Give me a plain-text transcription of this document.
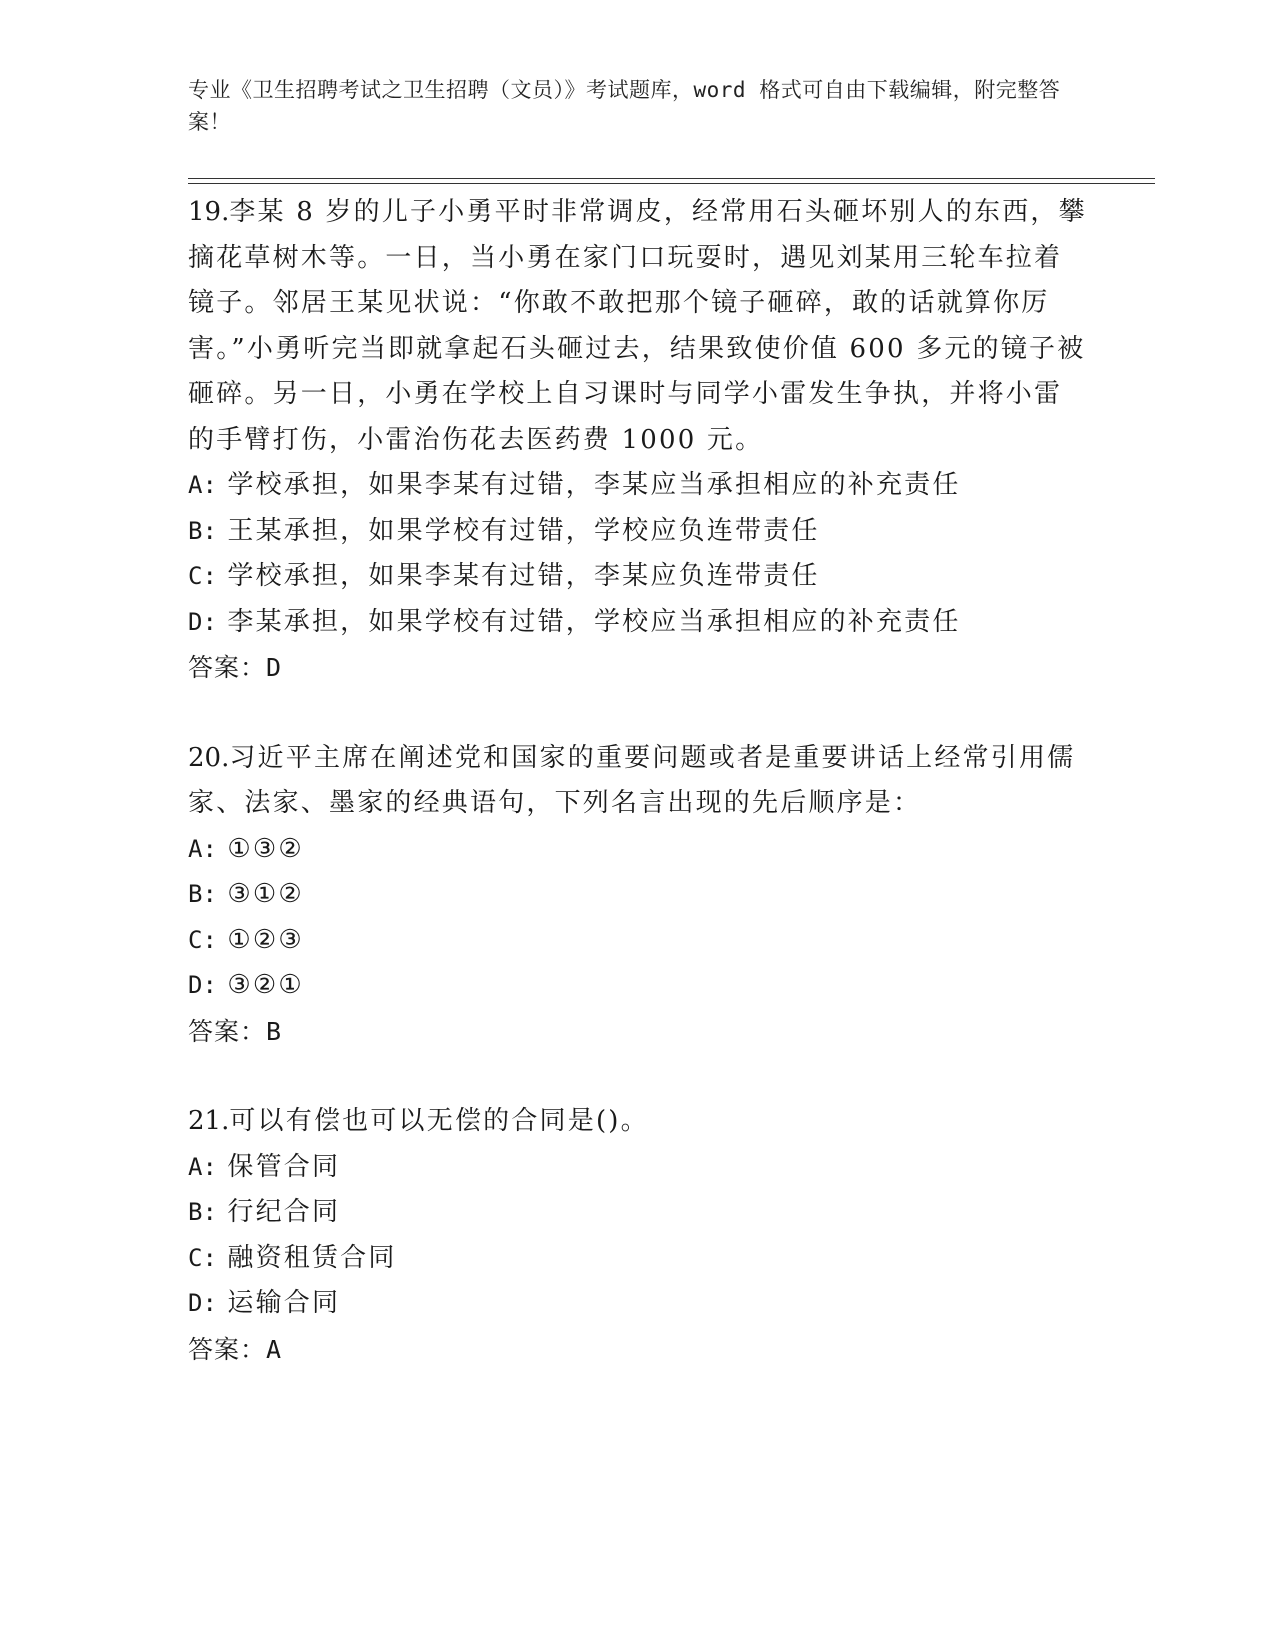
专业《卫生招聘考试之卫生招聘（文员）》考试题库，word 格式可自由下载编辑，附完整答案！

19.李某 8 岁的儿子小勇平时非常调皮，经常用石头砸坏别人的东西，攀摘花草树木等。一日，当小勇在家门口玩耍时，遇见刘某用三轮车拉着镜子。邻居王某见状说：“你敢不敢把那个镜子砸碎，敢的话就算你厉害。”小勇听完当即就拿起石头砸过去，结果致使价值 600 多元的镜子被砸碎。另一日，小勇在学校上自习课时与同学小雷发生争执，并将小雷的手臂打伤，小雷治伤花去医药费 1000 元。

A: 学校承担，如果李某有过错，李某应当承担相应的补充责任

B: 王某承担，如果学校有过错，学校应负连带责任

C: 学校承担，如果李某有过错，李某应负连带责任

D: 李某承担，如果学校有过错，学校应当承担相应的补充责任

答案：D

20.习近平主席在阐述党和国家的重要问题或者是重要讲话上经常引用儒家、法家、墨家的经典语句，下列名言出现的先后顺序是：

A: ①③②

B: ③①②

C: ①②③

D: ③②①

答案：B

21.可以有偿也可以无偿的合同是()。

A: 保管合同

B: 行纪合同

C: 融资租赁合同

D: 运输合同

答案：A
